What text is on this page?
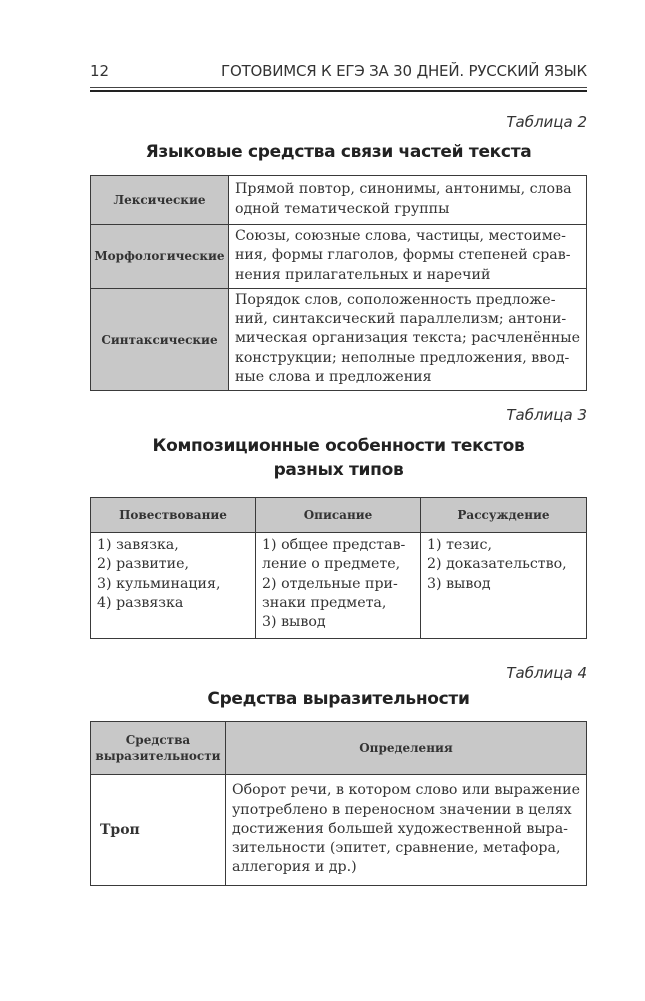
12	ГОТОВИМСЯ К ЕГЭ ЗА 30 ДНЕЙ. РУССКИЙ ЯЗЫК
Таблица 2
Языковые средства связи частей текста
Лексические	Прямой повтор, синонимы, антонимы, слова
одной тематической группы

Морфологические	Союзы, союзные слова, частицы, местоиме-
ния, формы глаголов, формы степеней срав-
нения прилагательных и наречий

Синтаксические	Порядок слов, соположенность предложе-
ний, синтаксический параллелизм; антони-
мическая организация текста; расчленённые
конструкции; неполные предложения, ввод-
ные слова и предложения
Таблица 3
Композиционные особенности текстов
разных типов
Повествование	Описание	Рассуждение

1) завязка,
2) развитие,
3) кульминация,
4) развязка	1) общее представ-
ление о предмете,
2) отдельные при-
знаки предмета,
3) вывод	1) тезис,
2) доказательство,
3) вывод
Таблица 4
Средства выразительности
Средства
выразительности	Определения
Троп	Оборот речи, в котором слово или выражение
употреблено в переносном значении в целях
достижения большей художественной выра-
зительности (эпитет, сравнение, метафора,
аллегория и др.)
